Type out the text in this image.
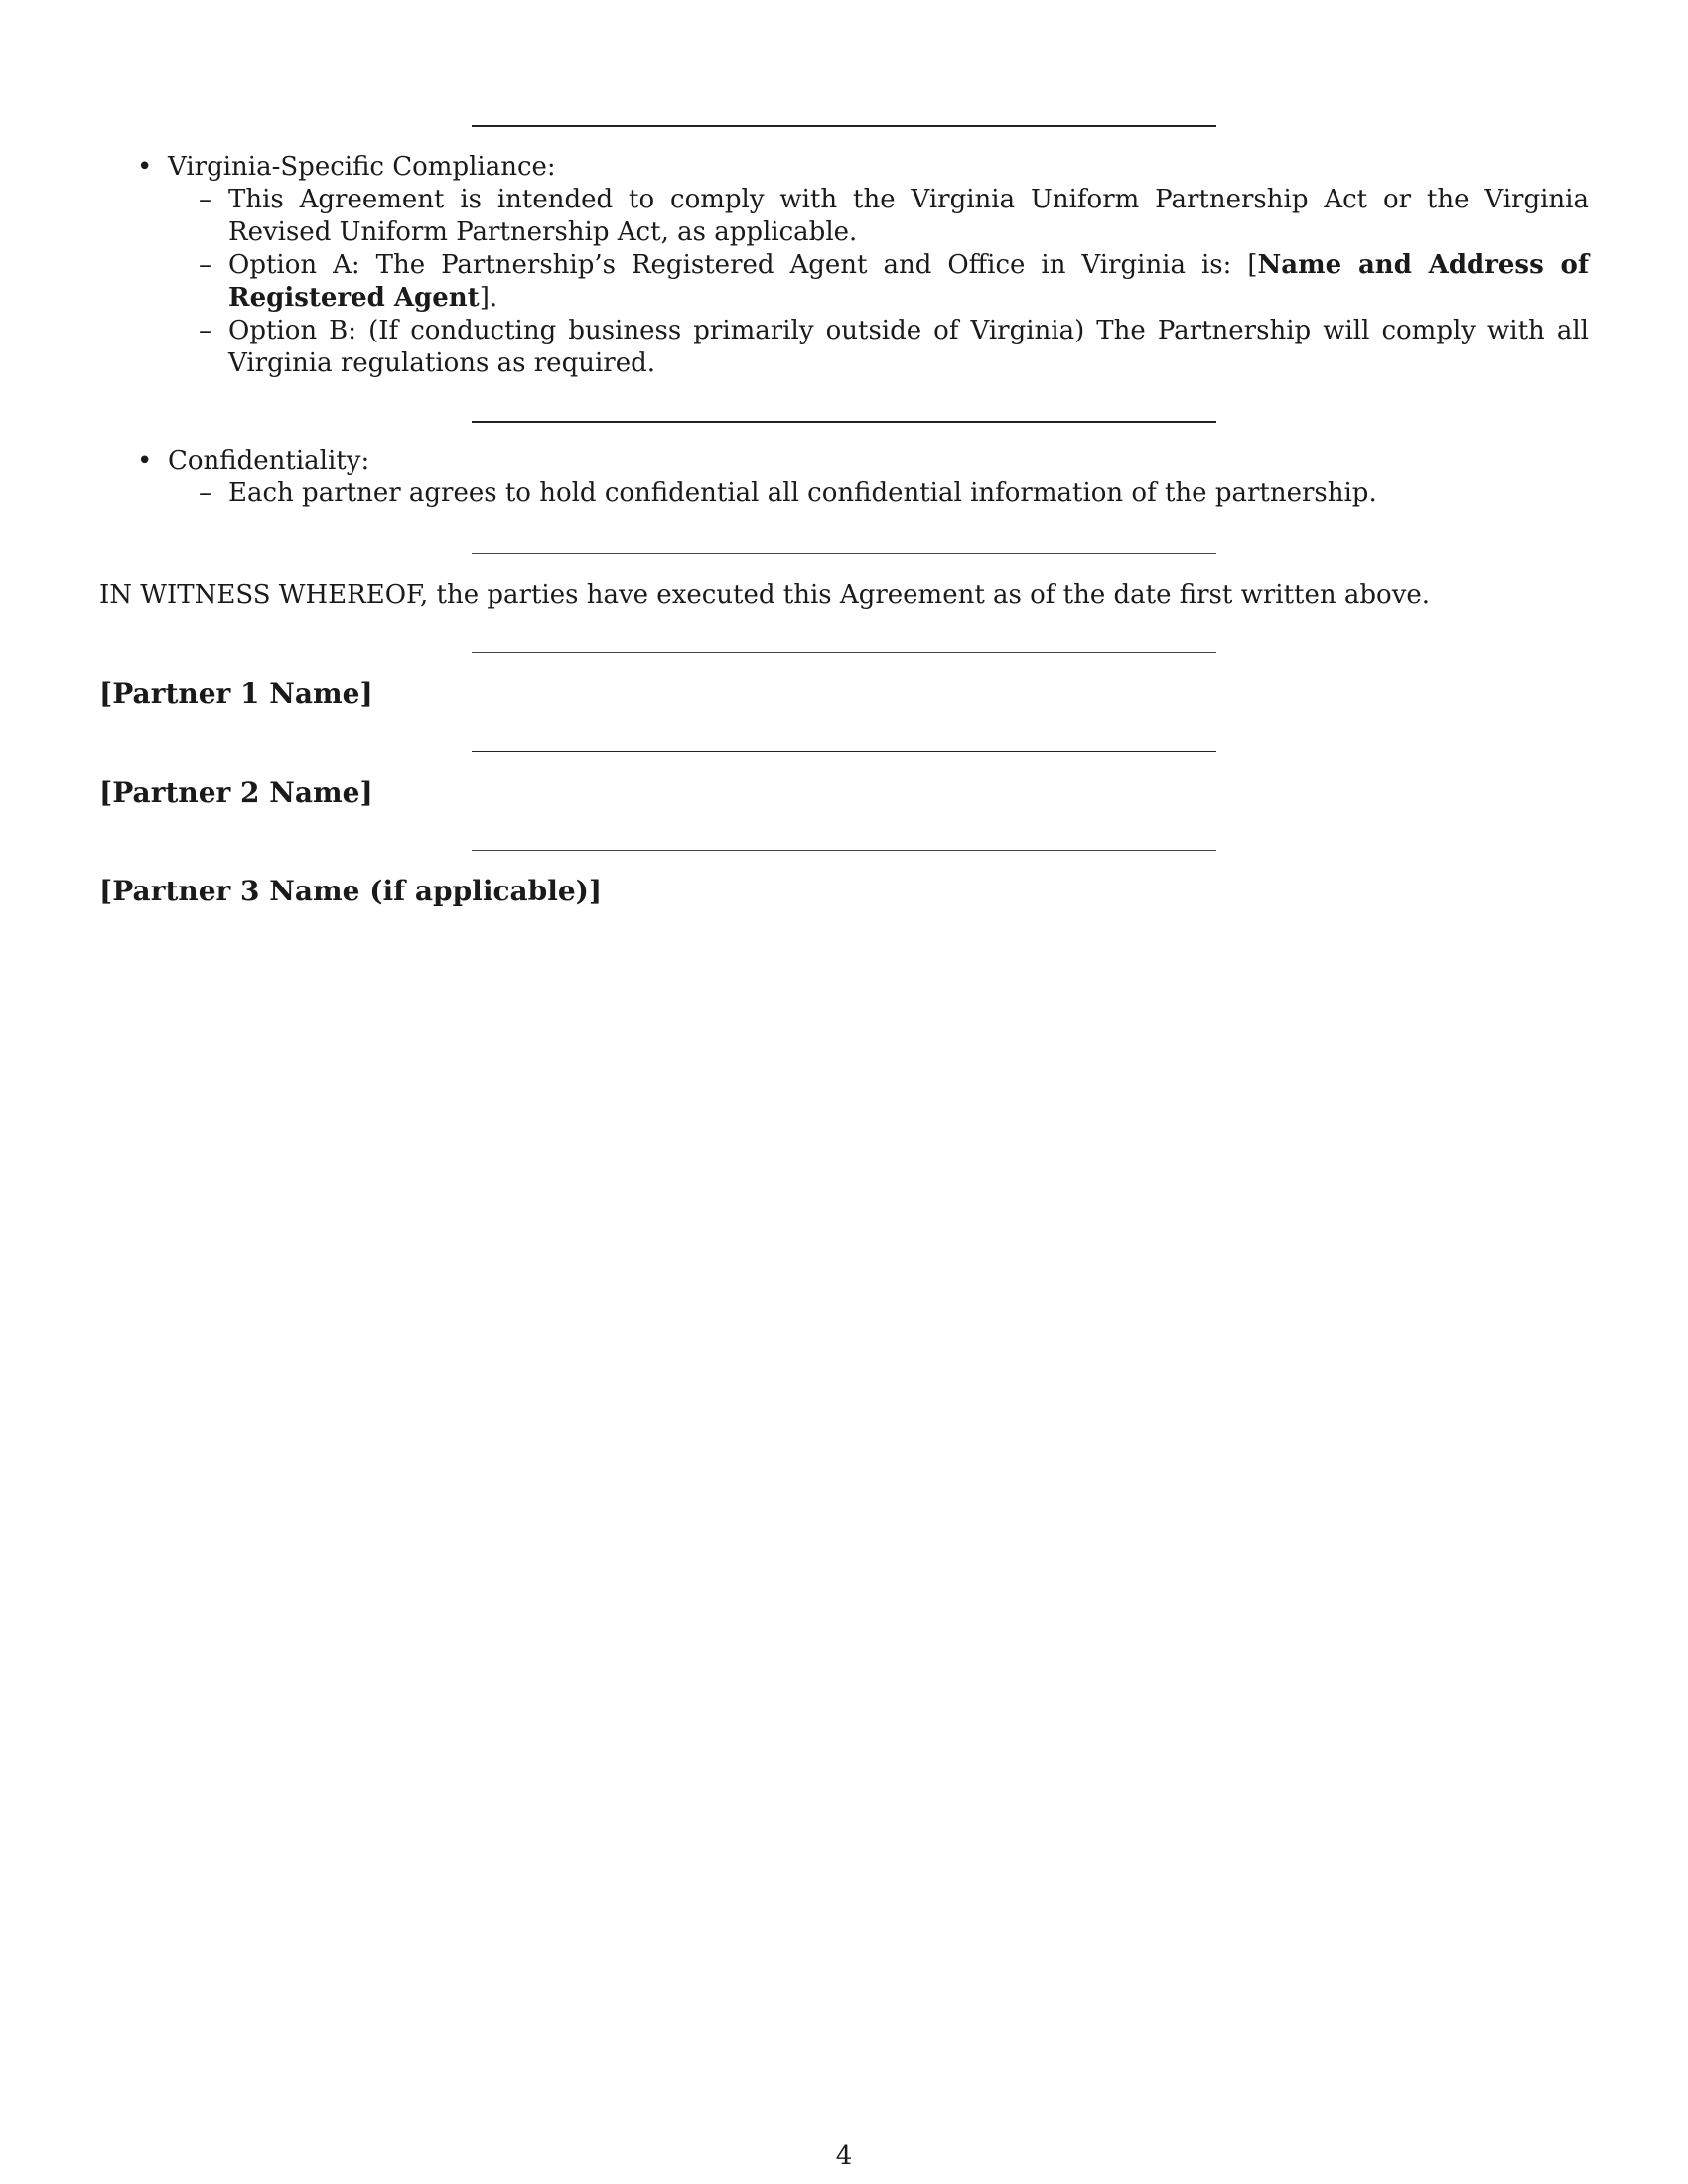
• Virginia-Specific Compliance:
– This Agreement is intended to comply with the Virginia Uniform Partnership Act or the Virginia Revised Uniform Partnership Act, as applicable.
– Option A: The Partnership’s Registered Agent and Office in Virginia is: [Name and Address of Registered Agent].
– Option B: (If conducting business primarily outside of Virginia) The Partnership will comply with all Virginia regulations as required.
• Confidentiality:
– Each partner agrees to hold confidential all confidential information of the partnership.
IN WITNESS WHEREOF, the parties have executed this Agreement as of the date first written above.
[Partner 1 Name]
[Partner 2 Name]
[Partner 3 Name (if applicable)]
4
